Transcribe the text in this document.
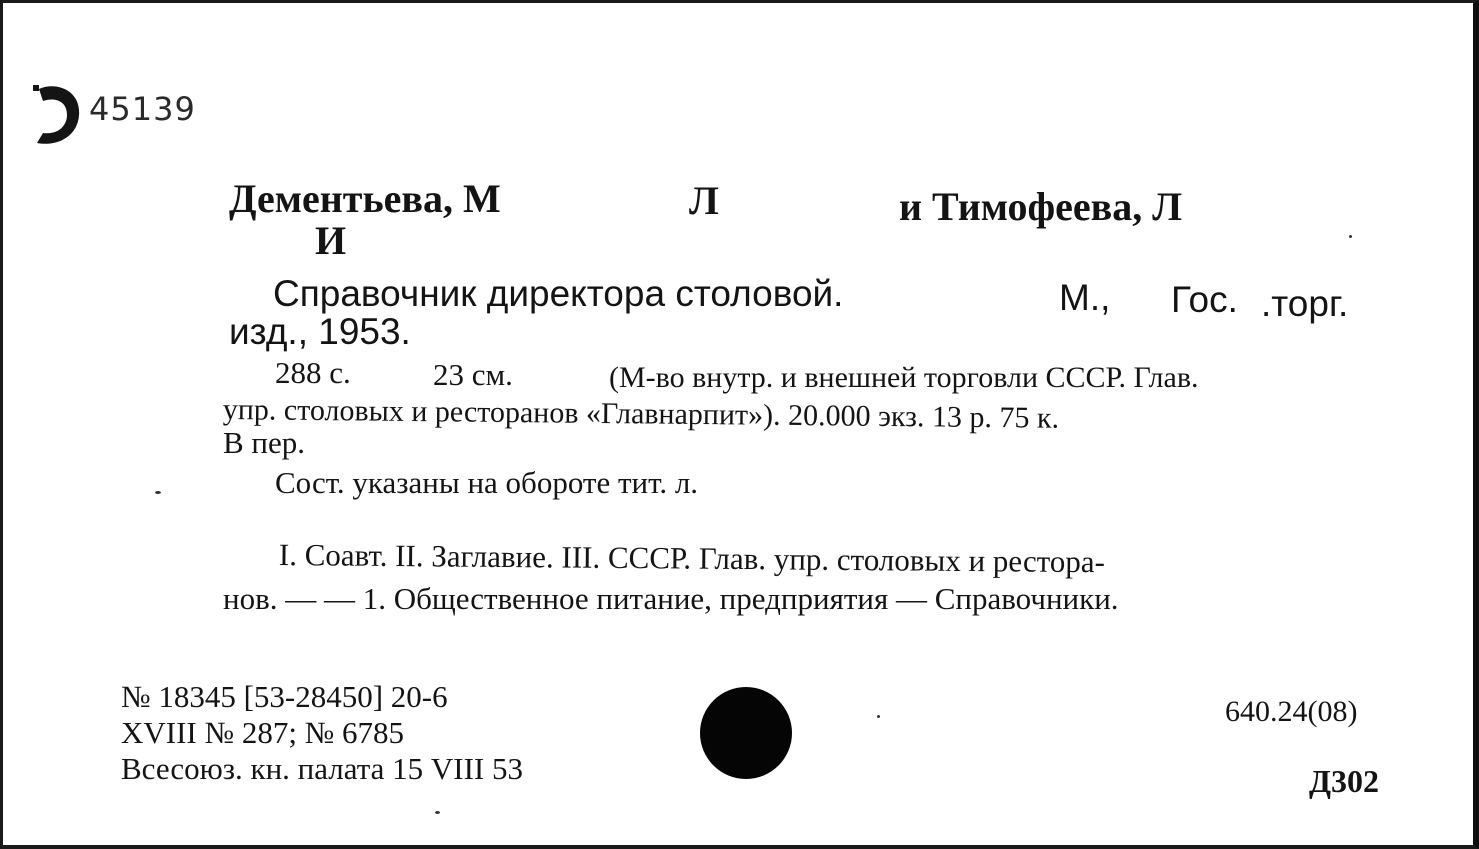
45139
Дементьева, М	Л	и Тимофеева, Л
И
Справочник директора столовой.	М., Гос. .торг.
изд., 1953.
288 с.	23 см.	(М-во внутр. и внешней торговли СССР. Глав.
упр. столовых и ресторанов «Главнарпит»). 20.000 экз. 13 р. 75 к.
В пер.
Сост. указаны на обороте тит. л.
I. Соавт. II. Заглавие. III. СССР. Глав. упр. столовых и рестора-
нов. — — 1. Общественное питание, предприятия — Справочники.
№ 18345 [53-28450] 20-6
XVIII № 287; № 6785
Всесоюз. кн. палата 15 VIII 53
640.24(08)
Д302
